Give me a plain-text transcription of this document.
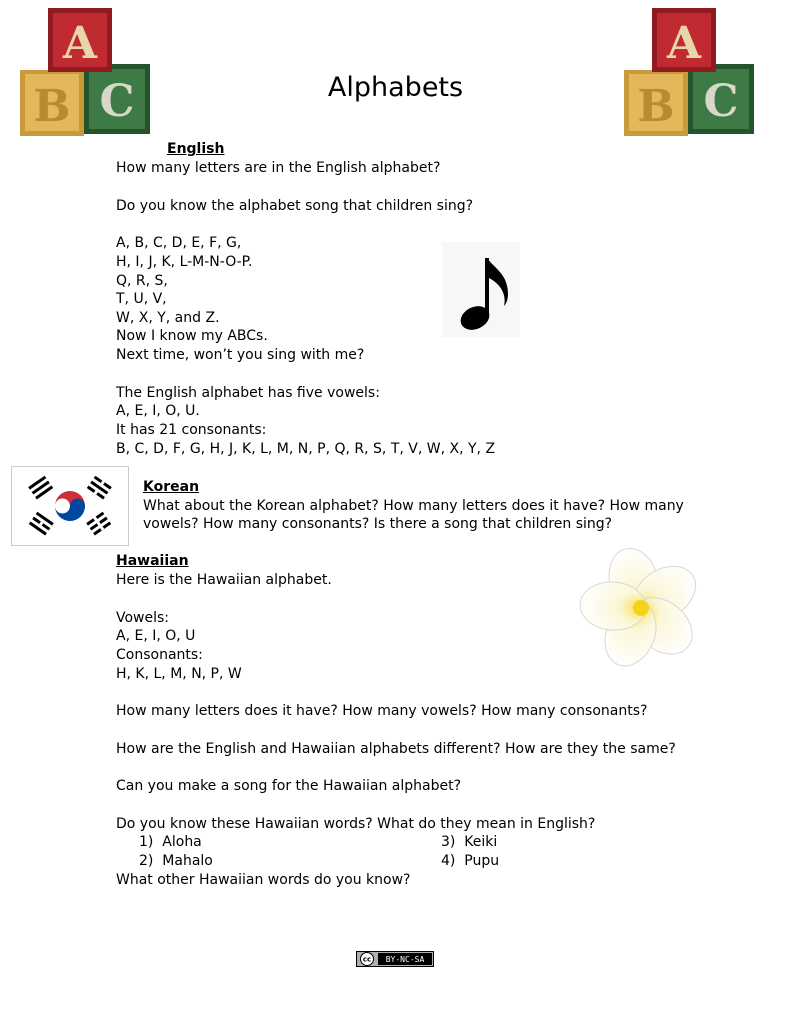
B C
A
B C
A
Alphabets
English
How many letters are in the English alphabet?
Do you know the alphabet song that children sing?
A, B, C, D, E, F, G,
H, I, J, K, L-M-N-O-P.
Q, R, S,
T, U, V,
W, X, Y, and Z.
Now I know my ABCs.
Next time, won’t you sing with me?
The English alphabet has five vowels:
A, E, I, O, U.
It has 21 consonants:
B, C, D, F, G, H, J, K, L, M, N, P, Q, R, S, T, V, W, X, Y, Z
Korean
What about the Korean alphabet? How many letters does it have? How many
vowels? How many consonants? Is there a song that children sing?
Hawaiian
Here is the Hawaiian alphabet.
Vowels:
A, E, I, O, U
Consonants:
H, K, L, M, N, P, W
How many letters does it have? How many vowels? How many consonants?
How are the English and Hawaiian alphabets different? How are they the same?
Can you make a song for the Hawaiian alphabet?
Do you know these Hawaiian words? What do they mean in English?
1) Aloha
2) Mahalo
3) Keiki
4) Pupu
What other Hawaiian words do you know?
cc BY-NC-SA
